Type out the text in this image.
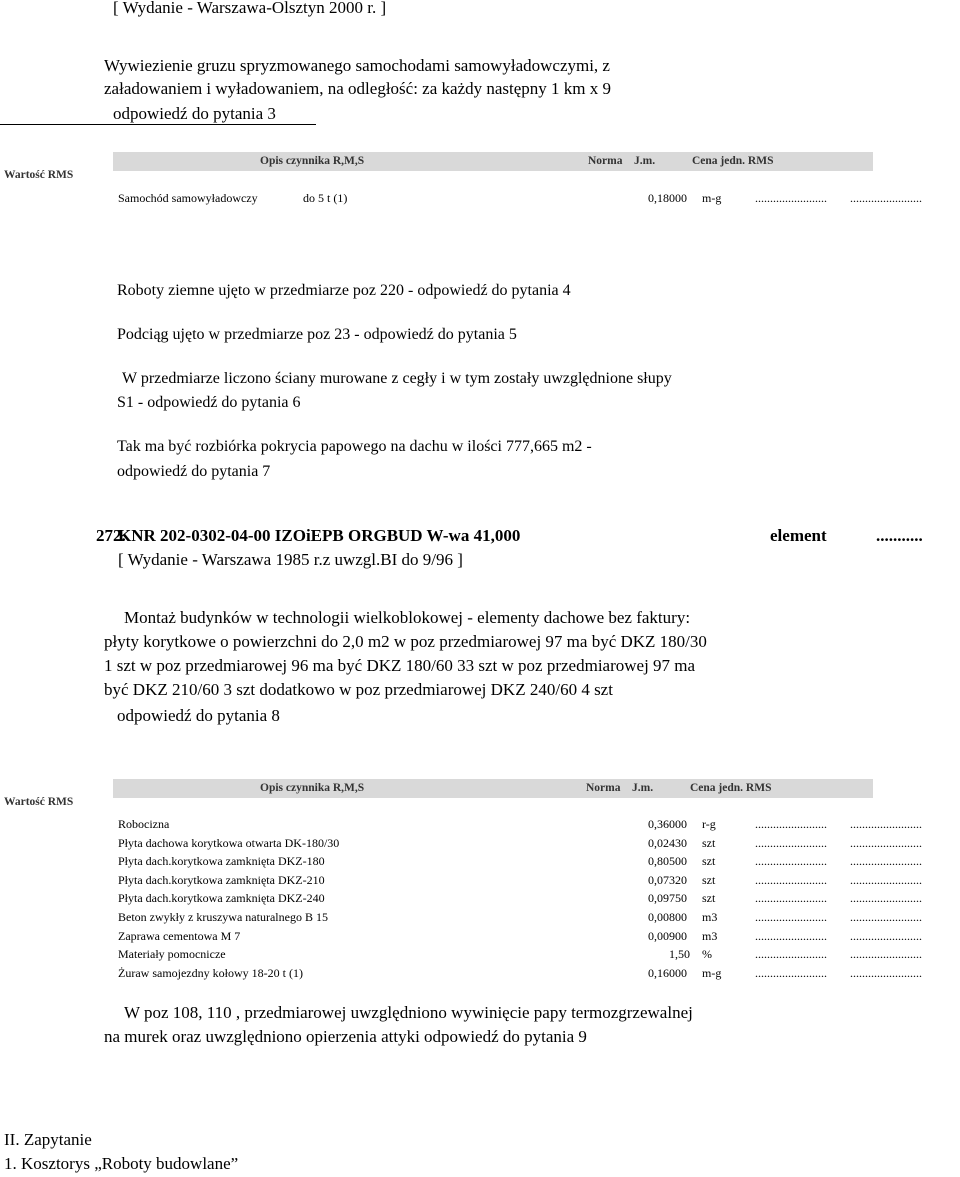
[ Wydanie - Warszawa-Olsztyn 2000 r. ]
Wywiezienie gruzu spryzmowanego samochodami samowyładowczymi, z
załadowaniem i wyładowaniem, na odległość: za każdy następny 1 km x 9
odpowiedź do pytania 3
Opis czynnika R,M,S	Norma J.m.	Cena jedn. RMS
Wartość RMS
Samochód samowyładowczy	do 5 t (1)	0,18000 m-g	........................ ........................
Roboty ziemne ujęto w przedmiarze poz 220 - odpowiedź do pytania 4
Podciąg ujęto w przedmiarze poz 23 - odpowiedź do pytania 5
W przedmiarze liczono ściany murowane z cegły i w tym zostały uwzględnione słupy
S1 - odpowiedź do pytania 6
Tak ma być rozbiórka pokrycia papowego na dachu w ilości 777,665 m2 -
odpowiedź do pytania 7
272.
KNR 202-0302-04-00 IZOiEPB ORGBUD W-wa 41,000	element	...........
[ Wydanie - Warszawa 1985 r.z uwzgl.BI do 9/96 ]
Montaż budynków w technologii wielkoblokowej - elementy dachowe bez faktury:
płyty korytkowe o powierzchni do 2,0 m2 w poz przedmiarowej 97 ma być DKZ 180/30
1 szt w poz przedmiarowej 96 ma być DKZ 180/60 33 szt w poz przedmiarowej 97 ma
być DKZ 210/60 3 szt dodatkowo w poz przedmiarowej DKZ 240/60 4 szt
odpowiedź do pytania 8
Opis czynnika R,M,S	Norma J.m.	Cena jedn. RMS
Wartość RMS
Robocizna	0,36000 r-g	........................ ........................
Płyta dachowa korytkowa otwarta DK-180/30	0,02430 szt	........................ ........................
Płyta dach.korytkowa zamknięta DKZ-180	0,80500 szt	........................ ........................
Płyta dach.korytkowa zamknięta DKZ-210	0,07320 szt	........................ ........................
Płyta dach.korytkowa zamknięta DKZ-240	0,09750 szt	........................ ........................
Beton zwykły z kruszywa naturalnego B 15	0,00800 m3	........................ ........................
Zaprawa cementowa M 7	0,00900 m3	........................ ........................
Materiały pomocnicze	1,50 %	........................ ........................
Żuraw samojezdny kołowy 18-20 t (1)	0,16000 m-g	........................ ........................
W poz 108, 110 , przedmiarowej uwzględniono wywinięcie papy termozgrzewalnej
na murek oraz uwzględniono opierzenia attyki odpowiedź do pytania 9
II. Zapytanie
1. Kosztorys „Roboty budowlane”
